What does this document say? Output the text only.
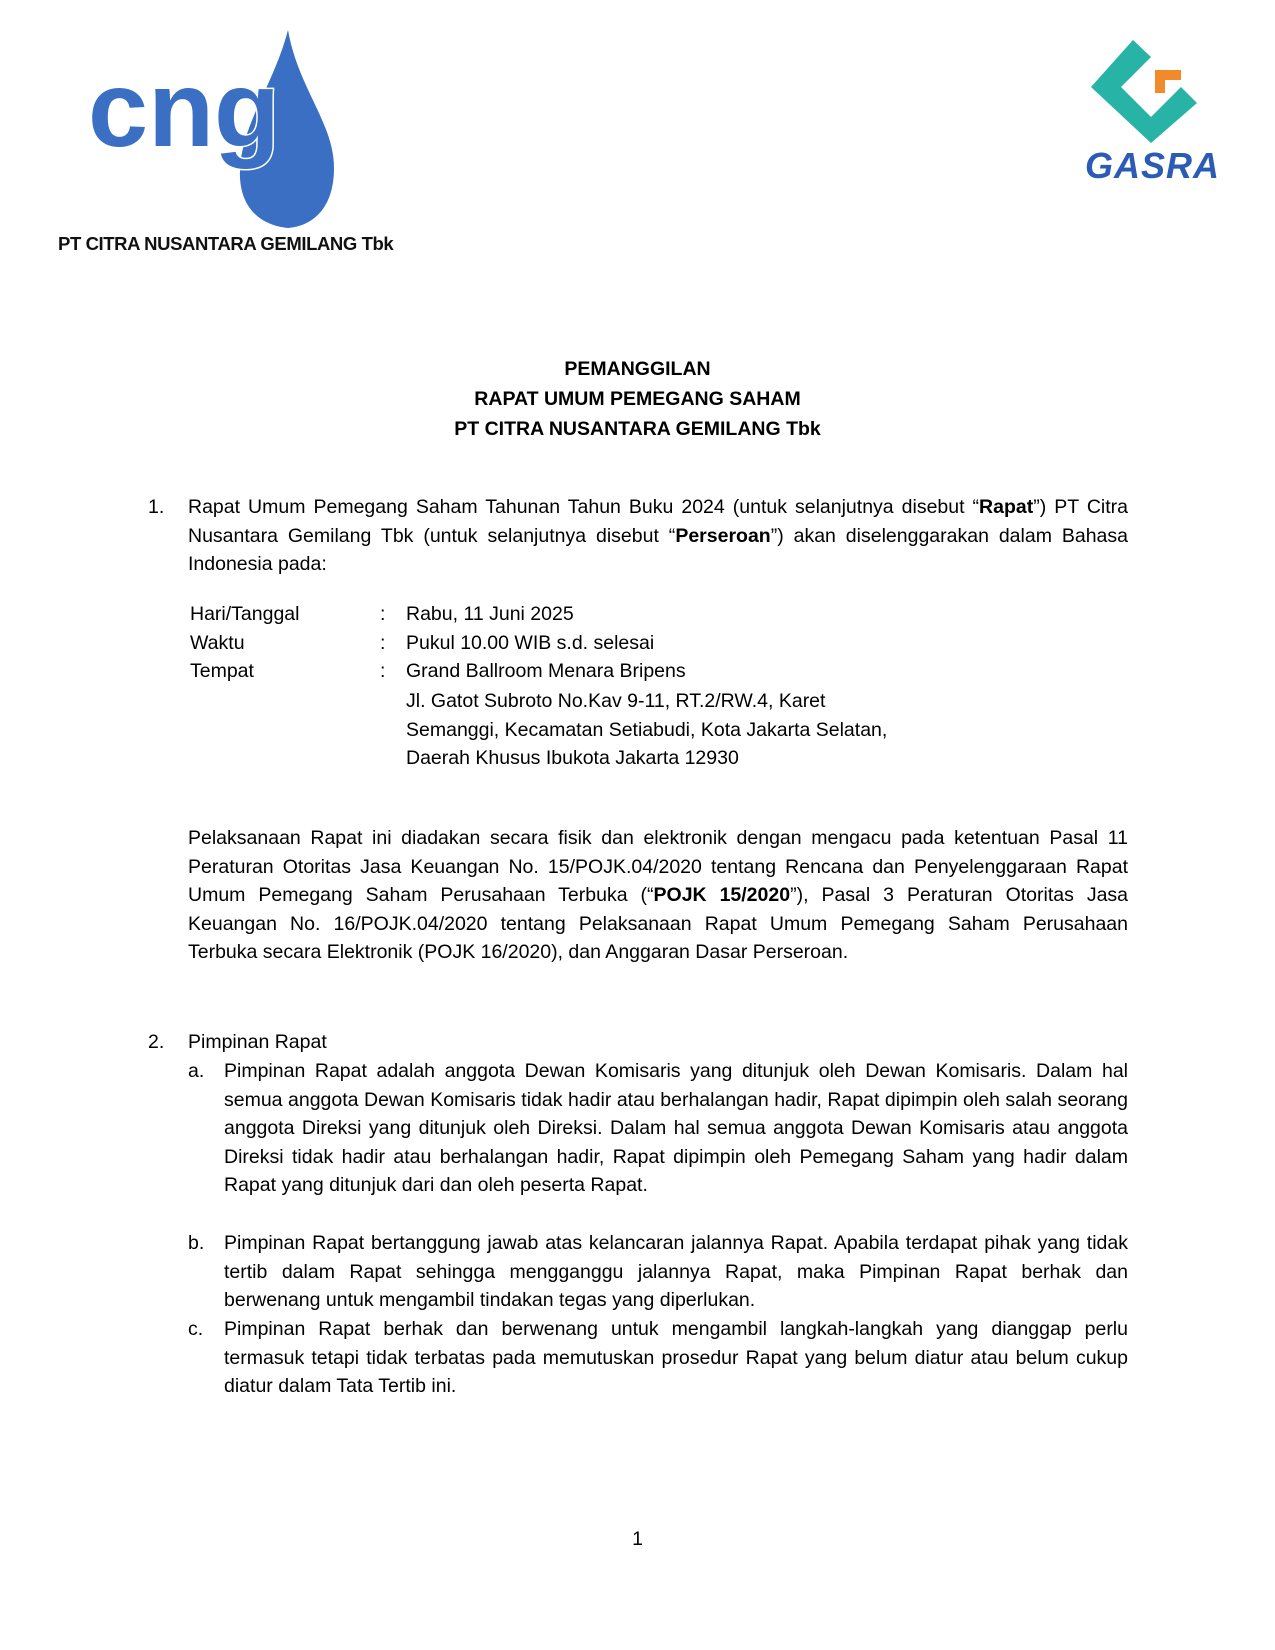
cng
PT CITRA NUSANTARA GEMILANG Tbk
GASRA
PEMANGGILAN
RAPAT UMUM PEMEGANG SAHAM
PT CITRA NUSANTARA GEMILANG Tbk
1. Rapat Umum Pemegang Saham Tahunan Tahun Buku 2024 (untuk selanjutnya disebut “Rapat”) PT Citra Nusantara Gemilang Tbk (untuk selanjutnya disebut “Perseroan”) akan diselenggarakan dalam Bahasa Indonesia pada:
Hari/Tanggal	: Rabu, 11 Juni 2025
Waktu	: Pukul 10.00 WIB s.d. selesai
Tempat	: Grand Ballroom Menara Bripens
Jl. Gatot Subroto No.Kav 9-11, RT.2/RW.4, Karet
Semanggi, Kecamatan Setiabudi, Kota Jakarta Selatan,
Daerah Khusus Ibukota Jakarta 12930
Pelaksanaan Rapat ini diadakan secara fisik dan elektronik dengan mengacu pada ketentuan Pasal 11 Peraturan Otoritas Jasa Keuangan No. 15/POJK.04/2020 tentang Rencana dan Penyelenggaraan Rapat Umum Pemegang Saham Perusahaan Terbuka (“POJK 15/2020”), Pasal 3 Peraturan Otoritas Jasa Keuangan No. 16/POJK.04/2020 tentang Pelaksanaan Rapat Umum Pemegang Saham Perusahaan Terbuka secara Elektronik (POJK 16/2020), dan Anggaran Dasar Perseroan.
2. Pimpinan Rapat
a. Pimpinan Rapat adalah anggota Dewan Komisaris yang ditunjuk oleh Dewan Komisaris. Dalam hal semua anggota Dewan Komisaris tidak hadir atau berhalangan hadir, Rapat dipimpin oleh salah seorang anggota Direksi yang ditunjuk oleh Direksi. Dalam hal semua anggota Dewan Komisaris atau anggota Direksi tidak hadir atau berhalangan hadir, Rapat dipimpin oleh Pemegang Saham yang hadir dalam Rapat yang ditunjuk dari dan oleh peserta Rapat.
b. Pimpinan Rapat bertanggung jawab atas kelancaran jalannya Rapat. Apabila terdapat pihak yang tidak tertib dalam Rapat sehingga mengganggu jalannya Rapat, maka Pimpinan Rapat berhak dan berwenang untuk mengambil tindakan tegas yang diperlukan.
c. Pimpinan Rapat berhak dan berwenang untuk mengambil langkah-langkah yang dianggap perlu termasuk tetapi tidak terbatas pada memutuskan prosedur Rapat yang belum diatur atau belum cukup diatur dalam Tata Tertib ini.
1
